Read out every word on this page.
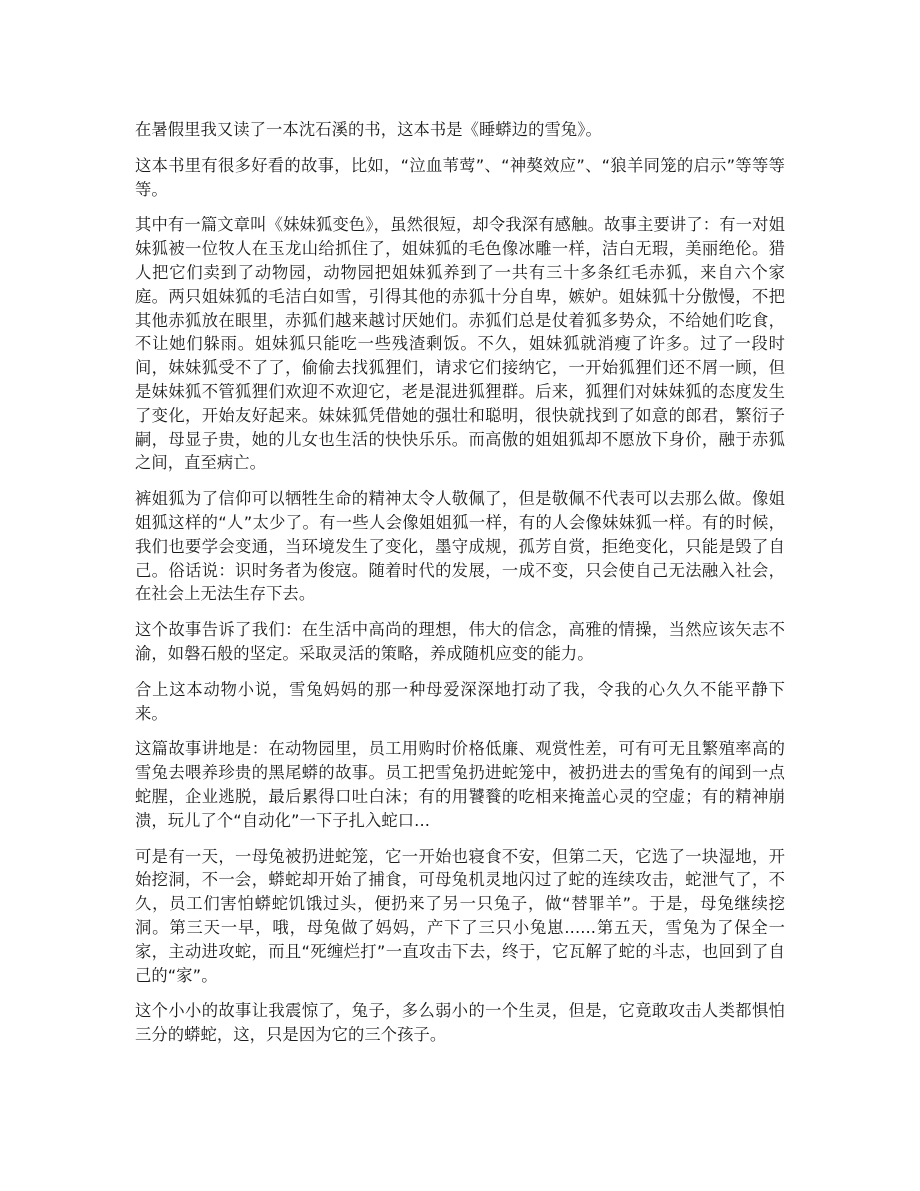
在暑假里我又读了一本沈石溪的书，这本书是《睡蟒边的雪兔》。

这本书里有很多好看的故事，比如，“泣血苇莺”、“神獒效应”、“狼羊同笼的启示”等等等等。

其中有一篇文章叫《妹妹狐变色》，虽然很短，却令我深有感触。故事主要讲了：有一对姐妹狐被一位牧人在玉龙山给抓住了，姐妹狐的毛色像冰雕一样，洁白无瑕，美丽绝伦。猎人把它们卖到了动物园，动物园把姐妹狐养到了一共有三十多条红毛赤狐，来自六个家庭。两只姐妹狐的毛洁白如雪，引得其他的赤狐十分自卑，嫉妒。姐妹狐十分傲慢，不把其他赤狐放在眼里，赤狐们越来越讨厌她们。赤狐们总是仗着狐多势众，不给她们吃食，不让她们躲雨。姐妹狐只能吃一些残渣剩饭。不久，姐妹狐就消瘦了许多。过了一段时间，妹妹狐受不了了，偷偷去找狐狸们，请求它们接纳它，一开始狐狸们还不屑一顾，但是妹妹狐不管狐狸们欢迎不欢迎它，老是混进狐狸群。后来，狐狸们对妹妹狐的态度发生了变化，开始友好起来。妹妹狐凭借她的强壮和聪明，很快就找到了如意的郎君，繁衍子嗣，母显子贵，她的儿女也生活的快快乐乐。而高傲的姐姐狐却不愿放下身价，融于赤狐之间，直至病亡。

裤姐狐为了信仰可以牺牲生命的精神太令人敬佩了，但是敬佩不代表可以去那么做。像姐姐狐这样的“人”太少了。有一些人会像姐姐狐一样，有的人会像妹妹狐一样。有的时候，我们也要学会变通，当环境发生了变化，墨守成规，孤芳自赏，拒绝变化，只能是毁了自己。俗话说：识时务者为俊寇。随着时代的发展，一成不变，只会使自己无法融入社会，在社会上无法生存下去。

这个故事告诉了我们：在生活中高尚的理想，伟大的信念，高雅的情操，当然应该矢志不渝，如磐石般的坚定。采取灵活的策略，养成随机应变的能力。

合上这本动物小说，雪兔妈妈的那一种母爱深深地打动了我，令我的心久久不能平静下来。

这篇故事讲地是：在动物园里，员工用购时价格低廉、观赏性差，可有可无且繁殖率高的雪兔去喂养珍贵的黑尾蟒的故事。员工把雪兔扔进蛇笼中，被扔进去的雪兔有的闻到一点蛇腥，企业逃脱，最后累得口吐白沫；有的用饕餮的吃相来掩盖心灵的空虚；有的精神崩溃，玩儿了个“自动化”一下子扎入蛇口...

可是有一天，一母兔被扔进蛇笼，它一开始也寝食不安，但第二天，它选了一块湿地，开始挖洞，不一会，蟒蛇却开始了捕食，可母兔机灵地闪过了蛇的连续攻击，蛇泄气了，不久，员工们害怕蟒蛇饥饿过头，便扔来了另一只兔子，做“替罪羊”。于是，母兔继续挖洞。第三天一早，哦，母兔做了妈妈，产下了三只小兔崽......第五天，雪兔为了保全一家，主动进攻蛇，而且“死缠烂打”一直攻击下去，终于，它瓦解了蛇的斗志，也回到了自己的“家”。

这个小小的故事让我震惊了，兔子，多么弱小的一个生灵，但是，它竟敢攻击人类都惧怕三分的蟒蛇，这，只是因为它的三个孩子。
